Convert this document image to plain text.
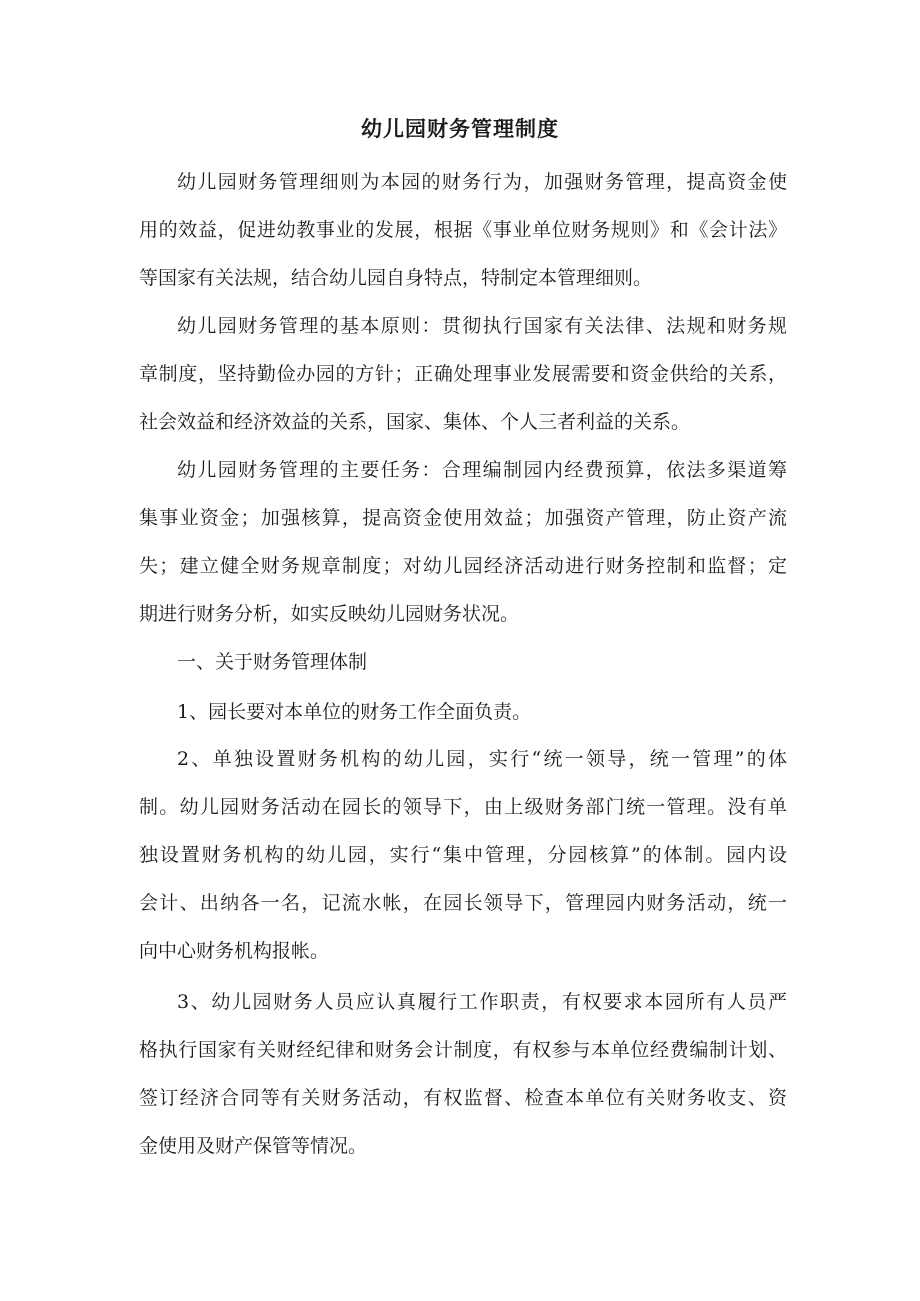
幼儿园财务管理制度
幼儿园财务管理细则为本园的财务行为，加强财务管理，提高资金使
用的效益，促进幼教事业的发展，根据《事业单位财务规则》和《会计法》
等国家有关法规，结合幼儿园自身特点，特制定本管理细则。
幼儿园财务管理的基本原则：贯彻执行国家有关法律、法规和财务规
章制度，坚持勤俭办园的方针；正确处理事业发展需要和资金供给的关系，
社会效益和经济效益的关系，国家、集体、个人三者利益的关系。
幼儿园财务管理的主要任务：合理编制园内经费预算，依法多渠道筹
集事业资金；加强核算，提高资金使用效益；加强资产管理，防止资产流
失；建立健全财务规章制度；对幼儿园经济活动进行财务控制和监督；定
期进行财务分析，如实反映幼儿园财务状况。
一、关于财务管理体制
1、园长要对本单位的财务工作全面负责。
2、单独设置财务机构的幼儿园，实行“统一领导，统一管理”的体
制。幼儿园财务活动在园长的领导下，由上级财务部门统一管理。没有单
独设置财务机构的幼儿园，实行“集中管理，分园核算”的体制。园内设
会计、出纳各一名，记流水帐，在园长领导下，管理园内财务活动，统一
向中心财务机构报帐。
3、幼儿园财务人员应认真履行工作职责，有权要求本园所有人员严
格执行国家有关财经纪律和财务会计制度，有权参与本单位经费编制计划、
签订经济合同等有关财务活动，有权监督、检查本单位有关财务收支、资
金使用及财产保管等情况。
